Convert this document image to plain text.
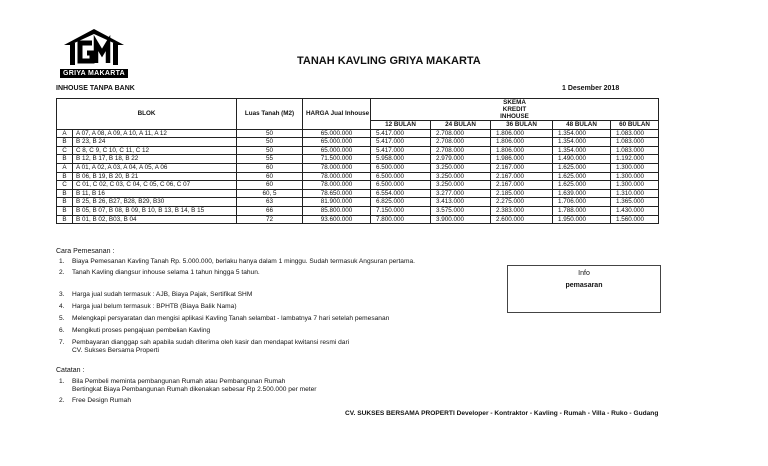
GRIYA MAKARTA
TANAH KAVLING GRIYA MAKARTA
INHOUSE TANPA BANK	1 Desember 2018
BLOK		Luas Tanah (M2)	HARGA Jual Inhouse	SKEMA KREDIT INHOUSE				
				12 BULAN	24 BULAN	36 BULAN	48 BULAN	60 BULAN
A	A 07, A 08, A 09, A 10, A 11, A 12	50	65.000.000	5.417.000	2.708.000	1.806.000	1.354.000	1.083.000
B	B 23, B 24	50	65.000.000	5.417.000	2.708.000	1.806.000	1.354.000	1.083.000
C	C 8, C 9, C 10, C 11, C 12	50	65.000.000	5.417.000	2.708.000	1.806.000	1.354.000	1.083.000
B	B 12, B 17, B 18, B 22	55	71.500.000	5.958.000	2.979.000	1.986.000	1.490.000	1.192.000
A	A 01, A 02, A 03, A 04, A 05, A 06	60	78.000.000	6.500.000	3.250.000	2.167.000	1.625.000	1.300.000
B	B 06, B 19, B 20, B 21	60	78.000.000	6.500.000	3.250.000	2.167.000	1.625.000	1.300.000
C	C 01, C 02, C 03, C 04, C 05, C 06, C 07	60	78.000.000	6.500.000	3.250.000	2.167.000	1.625.000	1.300.000
B	B 11, B 16	60, 5	78.650.000	6.554.000	3.277.000	2.185.000	1.639.000	1.310.000
B	B 25, B 26, B27, B28, B29, B30	63	81.900.000	6.825.000	3.413.000	2.275.000	1.706.000	1.365.000
B	B 05, B 07, B 08, B 09, B 10, B 13, B 14, B 15	66	85.800.000	7.150.000	3.575.000	2.383.000	1.788.000	1.430.000
B	B 01, B 02, B03, B 04	72	93.600.000	7.800.000	3.900.000	2.600.000	1.950.000	1.560.000
Cara Pemesanan :
1. Biaya Pemesanan Kavling Tanah Rp. 5.000.000, berlaku hanya dalam 1 minggu. Sudah termasuk Angsuran pertama.
2. Tanah Kavling diangsur inhouse selama 1 tahun hingga 5 tahun.
3. Harga jual sudah termasuk : AJB, Biaya Pajak, Sertifikat SHM
4. Harga jual belum termasuk : BPHTB (Biaya Balik Nama)
5. Melengkapi persyaratan dan mengisi aplikasi Kavling Tanah selambat - lambatnya 7 hari setelah pemesanan
6. Mengikuti proses pengajuan pembelian Kavling
7. Pembayaran dianggap sah apabila sudah diterima oleh kasir dan mendapat kwitansi resmi dari
CV. Sukses Bersama Properti
Catatan :
1. Bila Pembeli meminta pembangunan Rumah atau Pembangunan Rumah
Bertingkat Biaya Pembangunan Rumah dikenakan sebesar Rp 2.500.000 per meter
2. Free Design Rumah
Info
pemasaran
CV. SUKSES BERSAMA PROPERTI Developer - Kontraktor - Kavling - Rumah - Villa - Ruko - Gudang
